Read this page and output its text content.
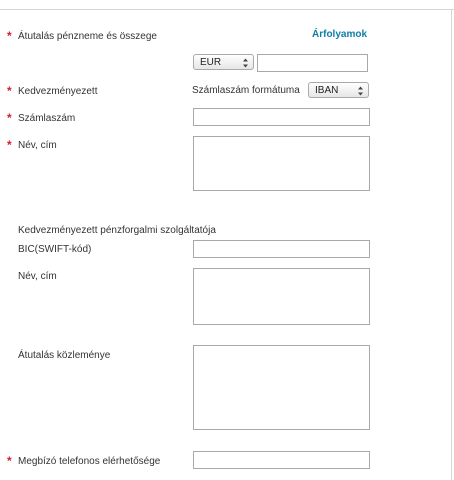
* Átutalás pénzneme és összege	Árfolyamok
EUR
* Kedvezményezett	Számlaszám formátuma IBAN
* Számlaszám
* Név, cím
Kedvezményezett pénzforgalmi szolgáltatója
BIC(SWIFT-kód)
Név, cím
Átutalás közleménye
* Megbízó telefonos elérhetősége
